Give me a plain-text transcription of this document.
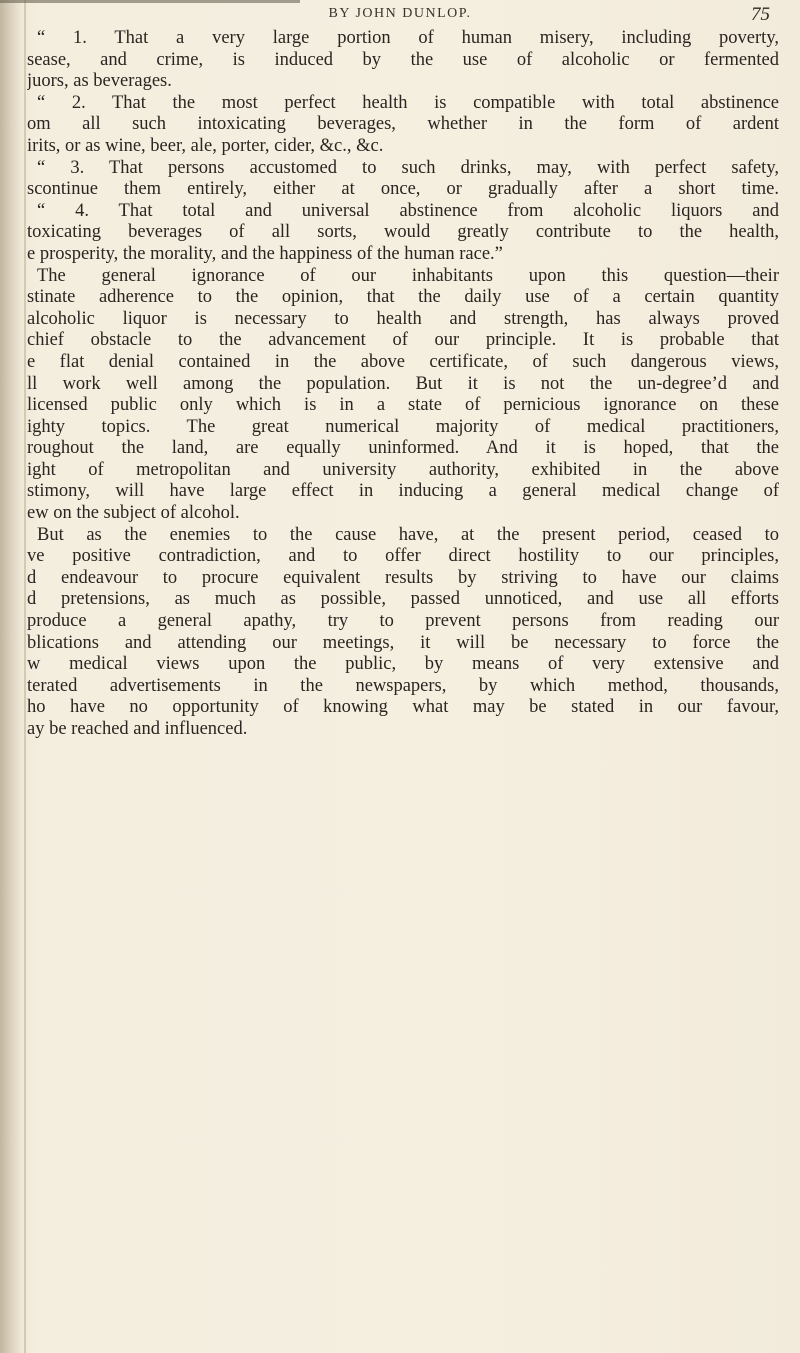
BY JOHN DUNLOP.	75
“ 1. That a very large portion of human misery, including poverty,
sease, and crime, is induced by the use of alcoholic or fermented
juors, as beverages.
“ 2. That the most perfect health is compatible with total abstinence
om all such intoxicating beverages, whether in the form of ardent
irits, or as wine, beer, ale, porter, cider, &c., &c.
“ 3. That persons accustomed to such drinks, may, with perfect safety,
scontinue them entirely, either at once, or gradually after a short time.
“ 4. That total and universal abstinence from alcoholic liquors and
toxicating beverages of all sorts, would greatly contribute to the health,
e prosperity, the morality, and the happiness of the human race.”
The general ignorance of our inhabitants upon this question—their
stinate adherence to the opinion, that the daily use of a certain quantity
alcoholic liquor is necessary to health and strength, has always proved
chief obstacle to the advancement of our principle. It is probable that
e flat denial contained in the above certificate, of such dangerous views,
ll work well among the population. But it is not the un-degree’d and
licensed public only which is in a state of pernicious ignorance on these
ighty topics. The great numerical majority of medical practitioners,
roughout the land, are equally uninformed. And it is hoped, that the
ight of metropolitan and university authority, exhibited in the above
stimony, will have large effect in inducing a general medical change of
ew on the subject of alcohol.
But as the enemies to the cause have, at the present period, ceased to
ve positive contradiction, and to offer direct hostility to our principles,
d endeavour to procure equivalent results by striving to have our claims
d pretensions, as much as possible, passed unnoticed, and use all efforts
produce a general apathy, try to prevent persons from reading our
blications and attending our meetings, it will be necessary to force the
w medical views upon the public, by means of very extensive and
terated advertisements in the newspapers, by which method, thousands,
ho have no opportunity of knowing what may be stated in our favour,
ay be reached and influenced.
